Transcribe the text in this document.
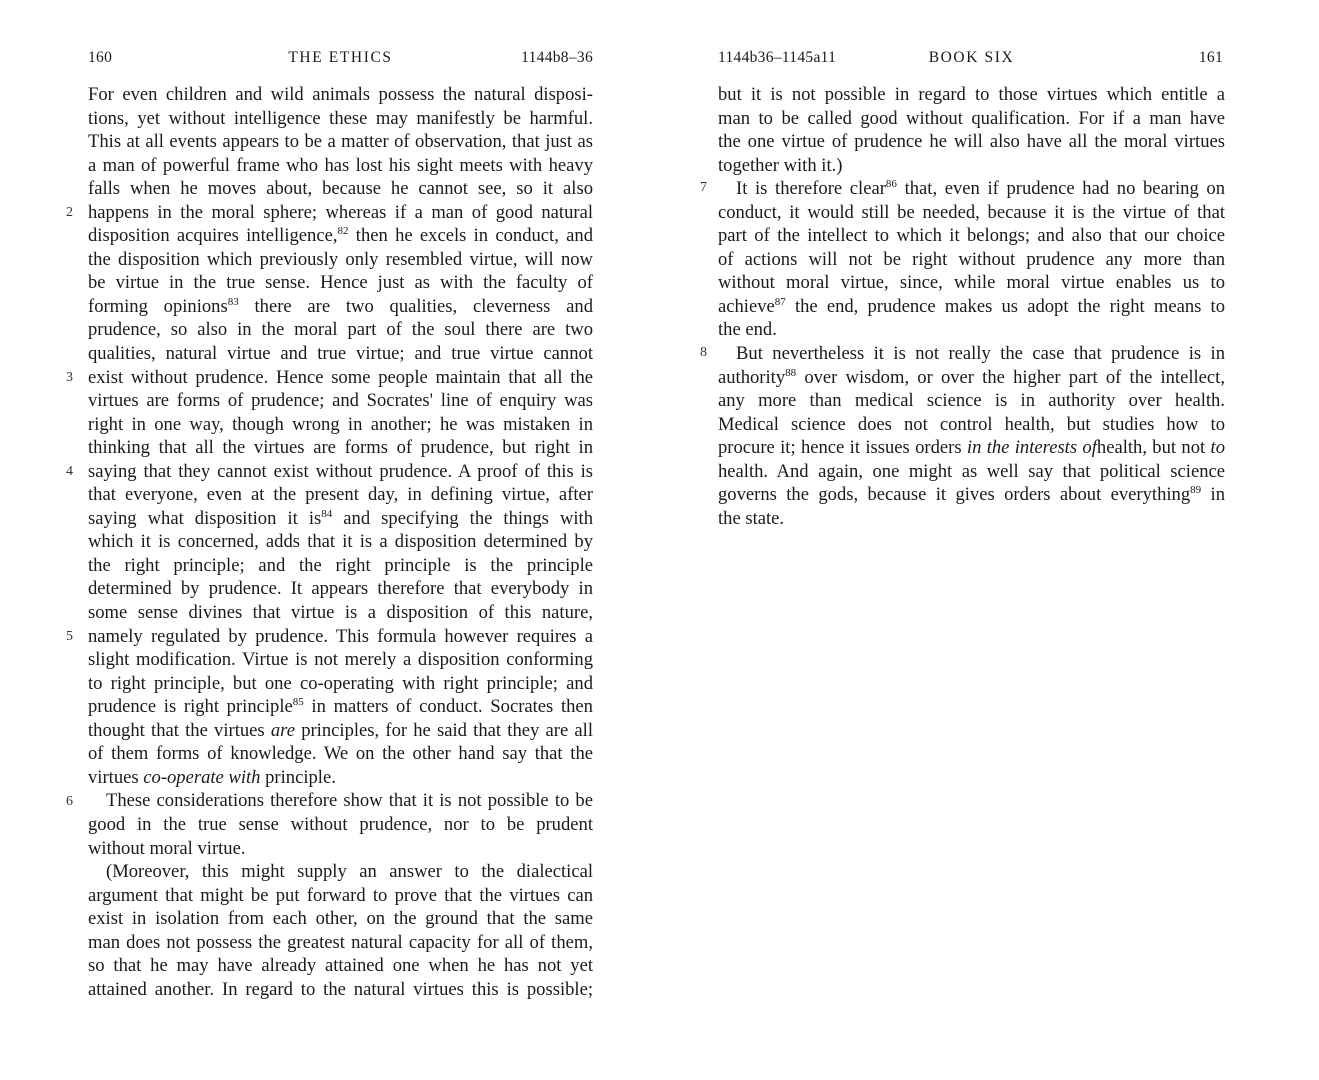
160	THE ETHICS	1144b8–36
2
3
4
5
6

For even children and wild animals possess the natural disposi-
tions, yet without intelligence these may manifestly be harmful.
This at all events appears to be a matter of observation, that just as
a man of powerful frame who has lost his sight meets with heavy
falls when he moves about, because he cannot see, so it also
happens in the moral sphere; whereas if a man of good natural
disposition acquires intelligence,$^{82}$ then he excels in conduct, and
the disposition which previously only resembled virtue, will now
be virtue in the true sense. Hence just as with the faculty of
forming opinions$^{83}$ there are two qualities, cleverness and
prudence, so also in the moral part of the soul there are two
qualities, natural virtue and true virtue; and true virtue cannot
exist without prudence. Hence some people maintain that all the
virtues are forms of prudence; and Socrates' line of enquiry was
right in one way, though wrong in another; he was mistaken in
thinking that all the virtues are forms of prudence, but right in
saying that they cannot exist without prudence. A proof of this is
that everyone, even at the present day, in defining virtue, after
saying what disposition it $is^{84}$ and specifying the things with
which it is concerned, adds that it is a disposition determined by
the right principle; and the right principle is the principle
determined by prudence. It appears therefore that everybody in
some sense divines that virtue is a disposition of this nature,
namely regulated by prudence. This formula however requires a
slight modification. Virtue is not merely a disposition conforming
to right principle, but one co-operating with right principle; and
prudence is right principle$^{85}$ in matters of conduct. Socrates then
thought that the virtues are principles, for he said that they are all
of them forms of knowledge. We on the other hand say that the
virtues co-operate with principle.

These considerations therefore show that it is not possible to be
good in the true sense without prudence, nor to be prudent
without moral virtue.

(Moreover, this might supply an answer to the dialectical
argument that might be put forward to prove that the virtues can
exist in isolation from each other, on the ground that the same
man does not possess the greatest natural capacity for all of them,
so that he may have already attained one when he has not yet
attained another. In regard to the natural virtues this is possible;

1144b36–1145a11	BOOK SIX	161
7
8

but it is not possible in regard to those virtues which entitle a
man to be called good without qualification. For if a man have
the one virtue of prudence he will also have all the moral virtues
together with it.)

It is therefore clear$^{86}$ that, even if prudence had no bearing on
conduct, it would still be needed, because it is the virtue of that
part of the intellect to which it belongs; and also that our choice
of actions will not be right without prudence any more than
without moral virtue, since, while moral virtue enables us to
achieve$^{87}$ the end, prudence makes us adopt the right means to
the end.

But nevertheless it is not really the case that prudence is in
authority$^{88}$ over wisdom, or over the higher part of the intellect,
any more than medical science is in authority over health.
Medical science does not control health, but studies how to
procure it; hence it issues orders in the interests ofhealth, but not to
health. And again, one might as well say that political science
governs the gods, because it gives orders about everything$^{89}$ in
the state.
